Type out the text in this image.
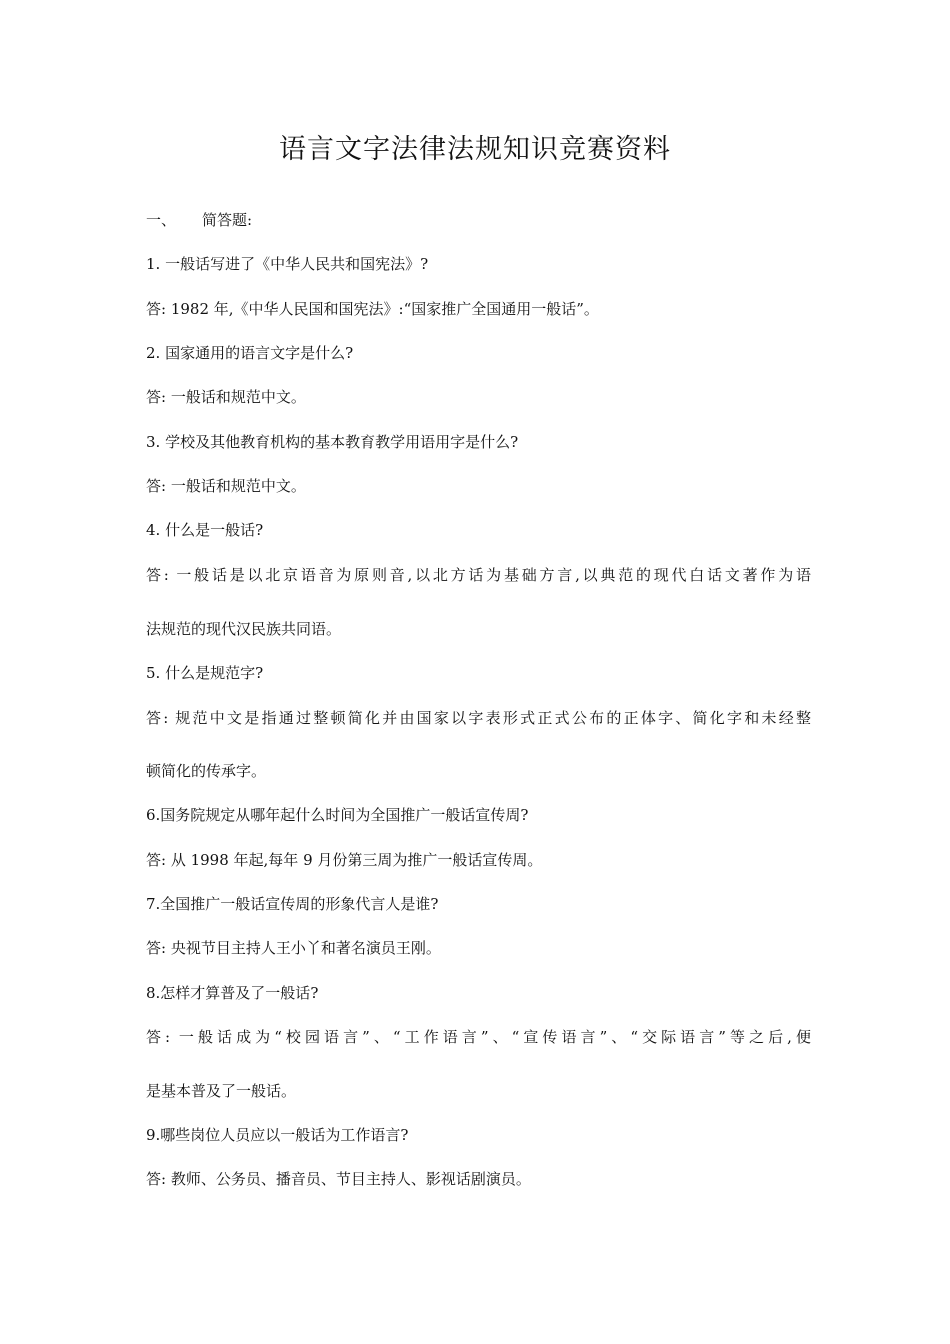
语言文字法律法规知识竞赛资料
一、 简答题:
1. 一般话写进了《中华人民共和国宪法》?
答: 1982 年,《中华人民国和国宪法》:“国家推广全国通用一般话”。
2. 国家通用的语言文字是什么?
答: 一般话和规范中文。
3. 学校及其他教育机构的基本教育教学用语用字是什么?
答: 一般话和规范中文。
4. 什么是一般话?
答: 一般话是以北京语音为原则音,以北方话为基础方言,以典范的现代白话文著作为语
法规范的现代汉民族共同语。
5. 什么是规范字?
答: 规范中文是指通过整顿简化并由国家以字表形式正式公布的正体字、简化字和未经整
顿简化的传承字。
6.国务院规定从哪年起什么时间为全国推广一般话宣传周?
答: 从 1998 年起,每年 9 月份第三周为推广一般话宣传周。
7.全国推广一般话宣传周的形象代言人是谁?
答: 央视节目主持人王小丫和著名演员王刚。
8.怎样才算普及了一般话?
答: 一般话成为“校园语言”、“工作语言”、“宣传语言”、“交际语言”等之后,便
是基本普及了一般话。
9.哪些岗位人员应以一般话为工作语言?
答: 教师、公务员、播音员、节目主持人、影视话剧演员。
